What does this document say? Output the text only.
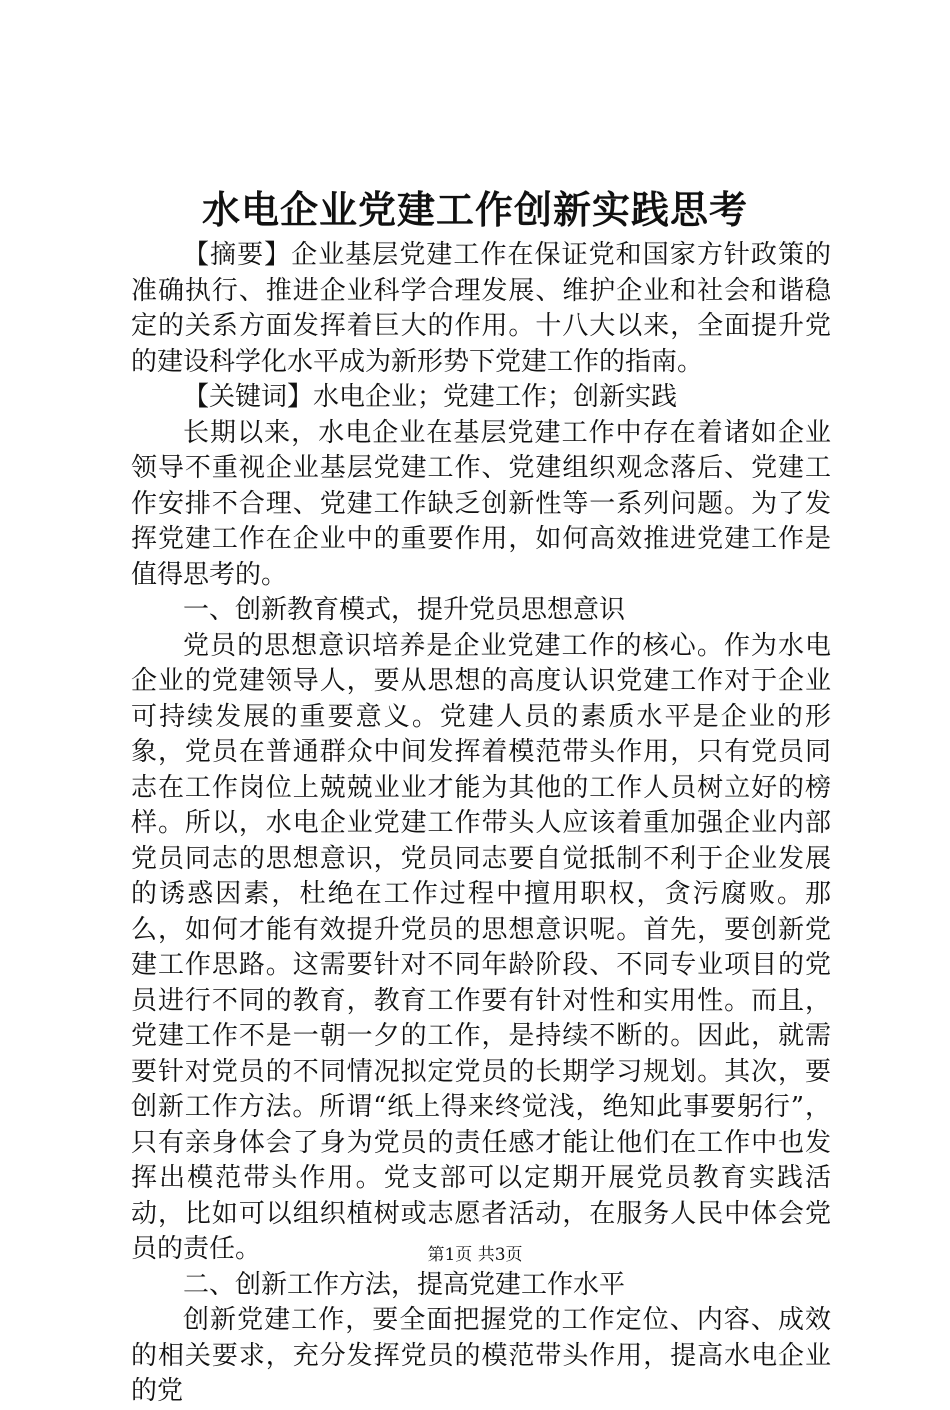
水电企业党建工作创新实践思考

【摘要】企业基层党建工作在保证党和国家方针政策的准确执行、推进企业科学合理发展、维护企业和社会和谐稳定的关系方面发挥着巨大的作用。十八大以来，全面提升党的建设科学化水平成为新形势下党建工作的指南。

【关键词】水电企业；党建工作；创新实践

长期以来，水电企业在基层党建工作中存在着诸如企业领导不重视企业基层党建工作、党建组织观念落后、党建工作安排不合理、党建工作缺乏创新性等一系列问题。为了发挥党建工作在企业中的重要作用，如何高效推进党建工作是值得思考的。

一、创新教育模式，提升党员思想意识

党员的思想意识培养是企业党建工作的核心。作为水电企业的党建领导人，要从思想的高度认识党建工作对于企业可持续发展的重要意义。党建人员的素质水平是企业的形象，党员在普通群众中间发挥着模范带头作用，只有党员同志在工作岗位上兢兢业业才能为其他的工作人员树立好的榜样。所以，水电企业党建工作带头人应该着重加强企业内部党员同志的思想意识，党员同志要自觉抵制不利于企业发展的诱惑因素，杜绝在工作过程中擅用职权，贪污腐败。那么，如何才能有效提升党员的思想意识呢。首先，要创新党建工作思路。这需要针对不同年龄阶段、不同专业项目的党员进行不同的教育，教育工作要有针对性和实用性。而且，党建工作不是一朝一夕的工作，是持续不断的。因此，就需要针对党员的不同情况拟定党员的长期学习规划。其次，要创新工作方法。所谓“纸上得来终觉浅，绝知此事要躬行”，只有亲身体会了身为党员的责任感才能让他们在工作中也发挥出模范带头作用。党支部可以定期开展党员教育实践活动，比如可以组织植树或志愿者活动，在服务人民中体会党员的责任。

二、创新工作方法，提高党建工作水平

创新党建工作，要全面把握党的工作定位、内容、成效的相关要求，充分发挥党员的模范带头作用，提高水电企业的党

第1页 共3页
